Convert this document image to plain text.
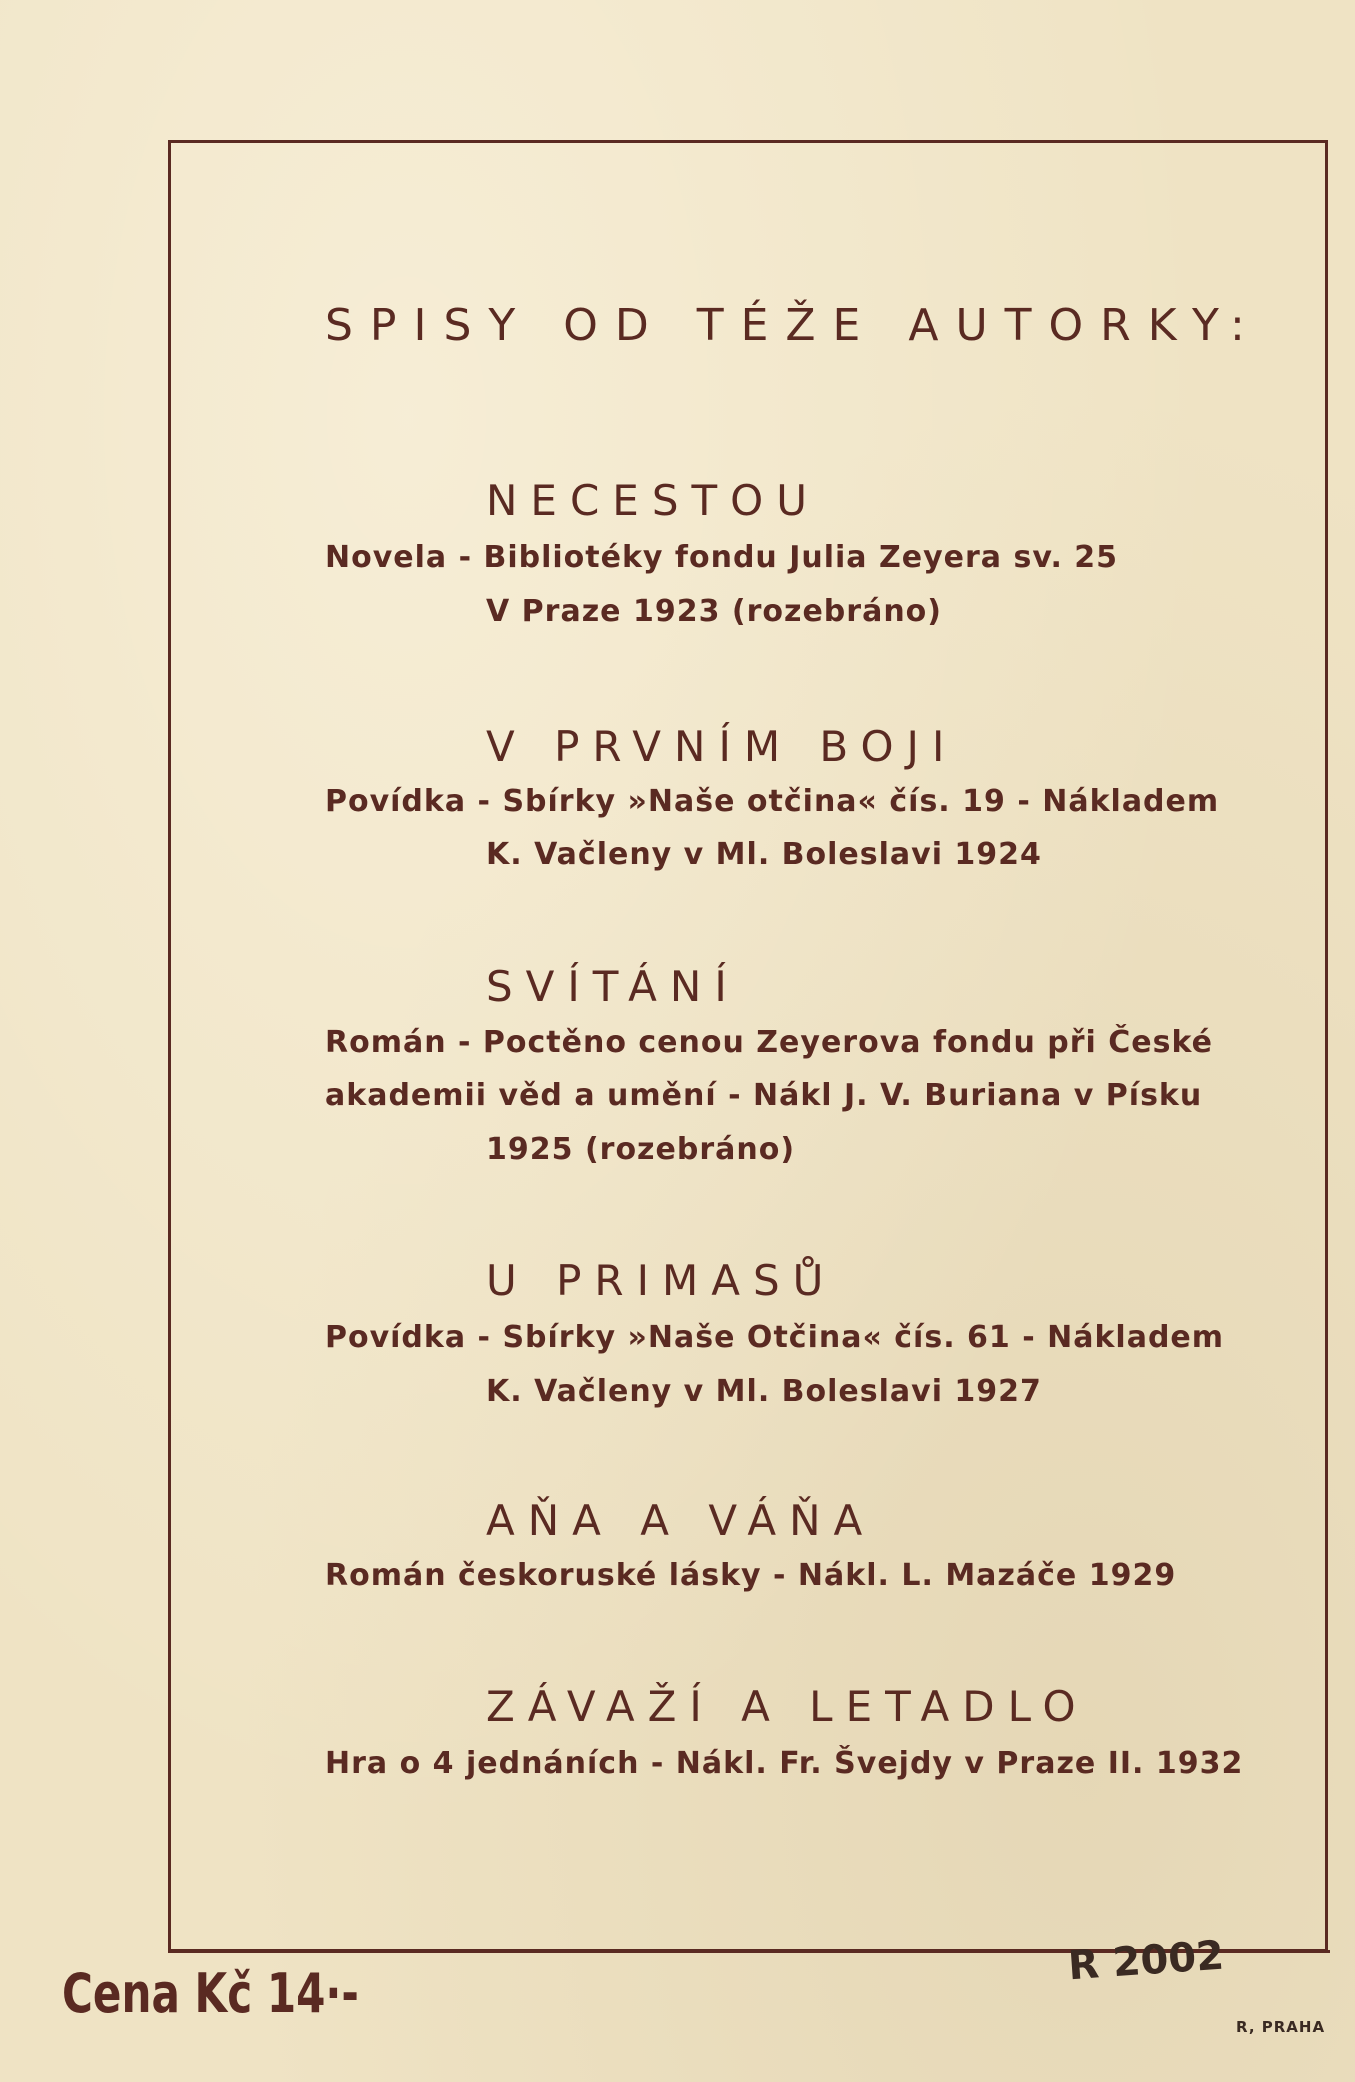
SPISY OD TÉŽE AUTORKY:
NECESTOU
Novela - Bibliotéky fondu Julia Zeyera sv. 25
V Praze 1923 (rozebráno)
V PRVNÍM BOJI
Povídka - Sbírky »Naše otčina« čís. 19 - Nákladem
K. Vačleny v Ml. Boleslavi 1924
SVÍTÁNÍ
Román - Poctěno cenou Zeyerova fondu při České
akademii věd a umění - Nákl J. V. Buriana v Písku
1925 (rozebráno)
U PRIMASŮ
Povídka - Sbírky »Naše Otčina« čís. 61 - Nákladem
K. Vačleny v Ml. Boleslavi 1927
AŇA A VÁŇA
Román českoruské lásky - Nákl. L. Mazáče 1929
ZÁVAŽÍ A LETADLO
Hra o 4 jednáních - Nákl. Fr. Švejdy v Praze II. 1932
Cena Kč 14·-
R 2002
R, PRAHA
